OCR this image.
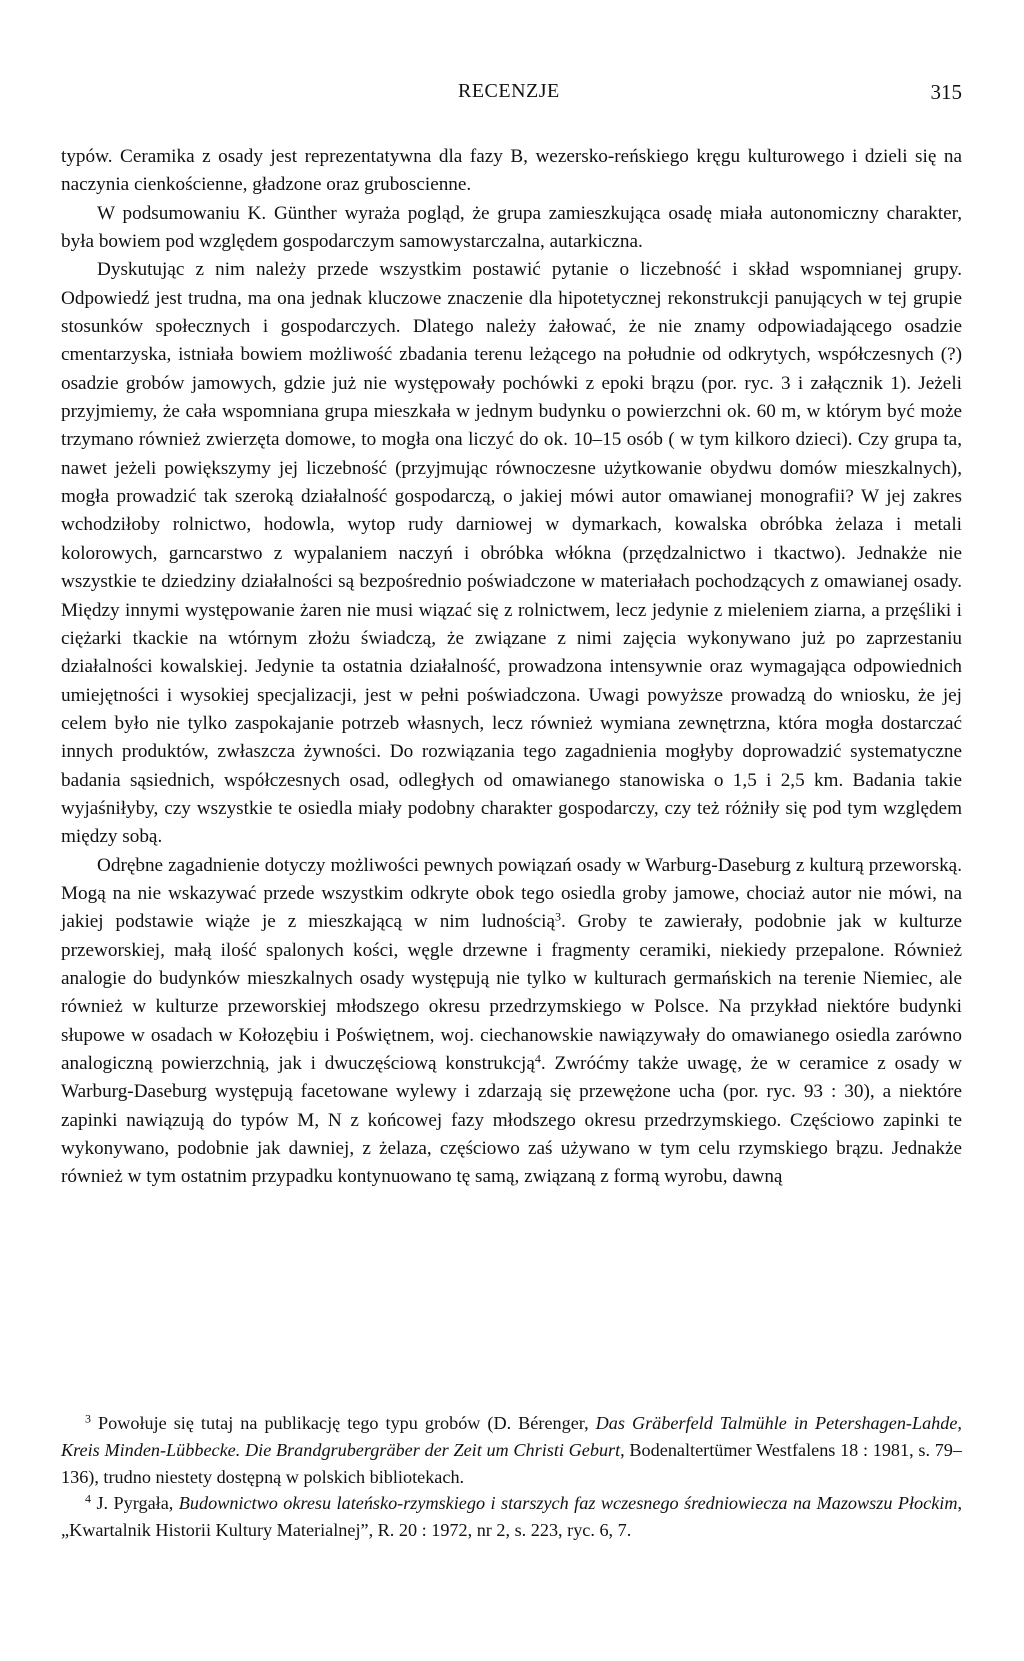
RECENZJE	315

typów. Ceramika z osady jest reprezentatywna dla fazy B, wezersko-reńskiego kręgu kulturowego i dzieli się na naczynia cienkościenne, gładzone oraz gruboscienne.

W podsumowaniu K. Günther wyraża pogląd, że grupa zamieszkująca osadę miała autonomiczny charakter, była bowiem pod względem gospodarczym samowystarczalna, autarkiczna.

Dyskutując z nim należy przede wszystkim postawić pytanie o liczebność i skład wspomnianej grupy. Odpowiedź jest trudna, ma ona jednak kluczowe znaczenie dla hipotetycznej rekonstrukcji panujących w tej grupie stosunków społecznych i gospodarczych. Dlatego należy żałować, że nie znamy odpowiadającego osadzie cmentarzyska, istniała bowiem możliwość zbadania terenu leżącego na południe od odkrytych, współczesnych (?) osadzie grobów jamowych, gdzie już nie występowały pochówki z epoki brązu (por. ryc. 3 i załącznik 1). Jeżeli przyjmiemy, że cała wspomniana grupa mieszkała w jednym budynku o powierzchni ok. 60 m, w którym być może trzymano również zwierzęta domowe, to mogła ona liczyć do ok. 10–15 osób ( w tym kilkoro dzieci). Czy grupa ta, nawet jeżeli powiększymy jej liczebność (przyjmując równoczesne użytkowanie obydwu domów mieszkalnych), mogła prowadzić tak szeroką działalność gospodarczą, o jakiej mówi autor omawianej monografii? W jej zakres wchodziłoby rolnictwo, hodowla, wytop rudy darniowej w dymarkach, kowalska obróbka żelaza i metali kolorowych, garncarstwo z wypalaniem naczyń i obróbka włókna (przędzalnictwo i tkactwo). Jednakże nie wszystkie te dziedziny działalności są bezpośrednio poświadczone w materiałach pochodzących z omawianej osady. Między innymi występowanie żaren nie musi wiązać się z rolnictwem, lecz jedynie z mieleniem ziarna, a przęśliki i ciężarki tkackie na wtórnym złożu świadczą, że związane z nimi zajęcia wykonywano już po zaprzestaniu działalności kowalskiej. Jedynie ta ostatnia działalność, prowadzona intensywnie oraz wymagająca odpowiednich umiejętności i wysokiej specjalizacji, jest w pełni poświadczona. Uwagi powyższe prowadzą do wniosku, że jej celem było nie tylko zaspokajanie potrzeb własnych, lecz również wymiana zewnętrzna, która mogła dostarczać innych produktów, zwłaszcza żywności. Do rozwiązania tego zagadnienia mogłyby doprowadzić systematyczne badania sąsiednich, współczesnych osad, odległych od omawianego stanowiska o 1,5 i 2,5 km. Badania takie wyjaśniłyby, czy wszystkie te osiedla miały podobny charakter gospodarczy, czy też różniły się pod tym względem między sobą.

Odrębne zagadnienie dotyczy możliwości pewnych powiązań osady w Warburg-Daseburg z kulturą przeworską. Mogą na nie wskazywać przede wszystkim odkryte obok tego osiedla groby jamowe, chociaż autor nie mówi, na jakiej podstawie wiąże je z mieszkającą w nim ludnością$^3$. Groby te zawierały, podobnie jak w kulturze przeworskiej, małą ilość spalonych kości, węgle drzewne i fragmenty ceramiki, niekiedy przepalone. Również analogie do budynków mieszkalnych osady występują nie tylko w kulturach germańskich na terenie Niemiec, ale również w kulturze przeworskiej młodszego okresu przedrzymskiego w Polsce. Na przykład niektóre budynki słupowe w osadach w Kołozębiu i Poświętnem, woj. ciechanowskie nawiązywały do omawianego osiedla zarówno analogiczną powierzchnią, jak i dwuczęściową konstrukcją$^4$. Zwróćmy także uwagę, że w ceramice z osady w Warburg-Daseburg występują facetowane wylewy i zdarzają się przewężone ucha (por. ryc. 93 : 30), a niektóre zapinki nawiązują do typów M, N z końcowej fazy młodszego okresu przedrzymskiego. Częściowo zapinki te wykonywano, podobnie jak dawniej, z żelaza, częściowo zaś używano w tym celu rzymskiego brązu. Jednakże również w tym ostatnim przypadku kontynuowano tę samą, związaną z formą wyrobu, dawną

$^3$ Powołuje się tutaj na publikację tego typu grobów (D. Bérenger, Das Gräberfeld Talmühle in Petershagen-Lahde, Kreis Minden-Lübbecke. Die Brandgrubergräber der Zeit um Christi Geburt, Bodenaltertümer Westfalens 18 : 1981, s. 79–136), trudno niestety dostępną w polskich bibliotekach.

$^4$ J. Pyrgała, Budownictwo okresu lateńsko-rzymskiego i starszych faz wczesnego średniowiecza na Mazowszu Płockim, „Kwartalnik Historii Kultury Materialnej”, R. 20 : 1972, nr 2, s. 223, ryc. 6, 7.
